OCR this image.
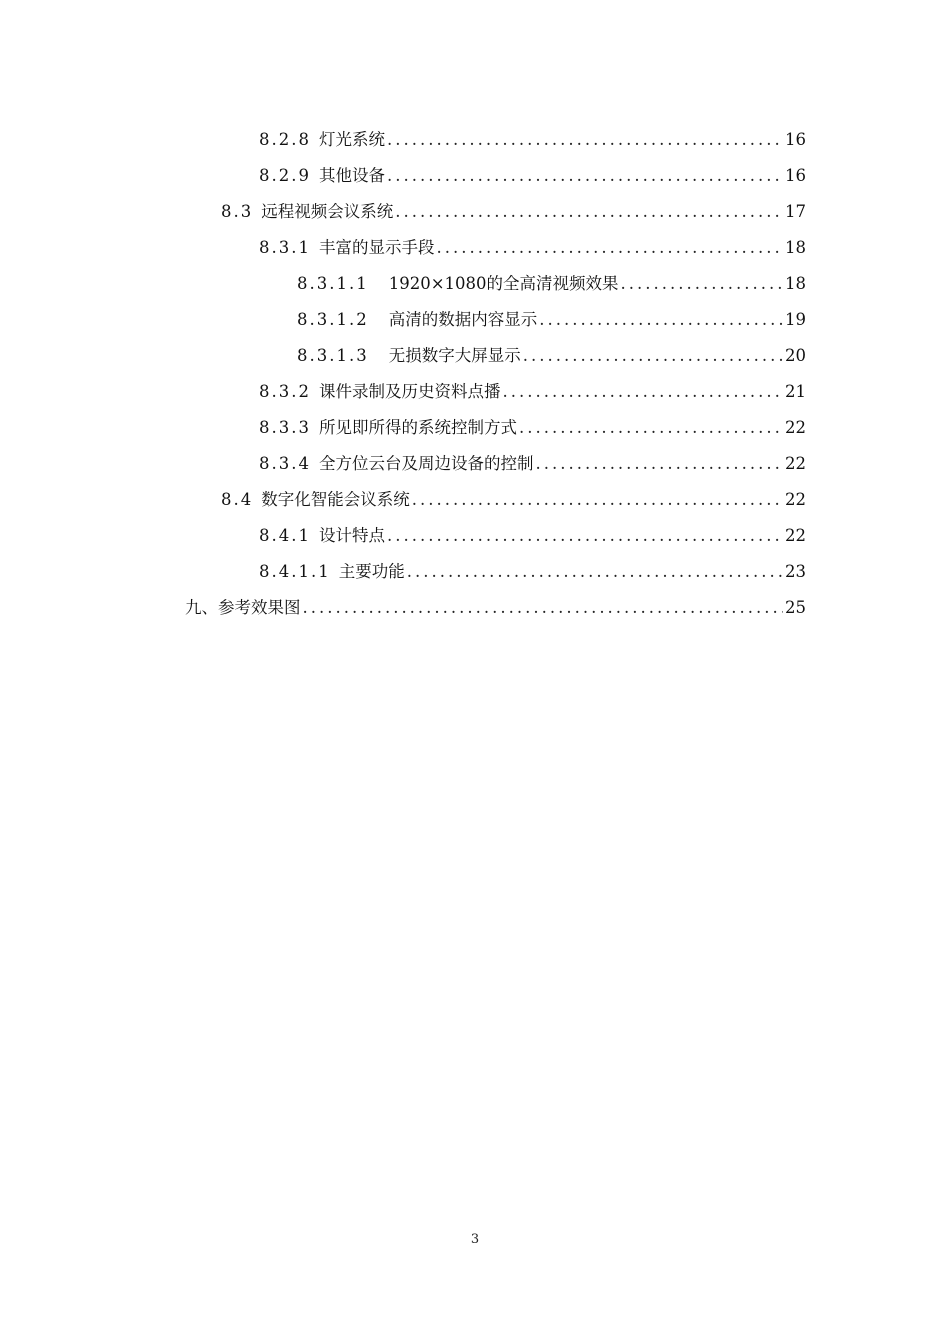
8.2.8 灯光系统 .....	16
8.2.9 其他设备 .....	16
8.3 远程视频会议系统 .....	17
8.3.1 丰富的显示手段 .....	18
8.3.1.1 1920×1080的全高清视频效果 .....	18
8.3.1.2 高清的数据内容显示 .....	19
8.3.1.3 无损数字大屏显示 .....	20
8.3.2 课件录制及历史资料点播 .....	21
8.3.3 所见即所得的系统控制方式 .....	22
8.3.4 全方位云台及周边设备的控制 .....	22
8.4 数字化智能会议系统 .....	22
8.4.1 设计特点 .....	22
8.4.1.1 主要功能 .....	23
九、参考效果图 .....	25
3
